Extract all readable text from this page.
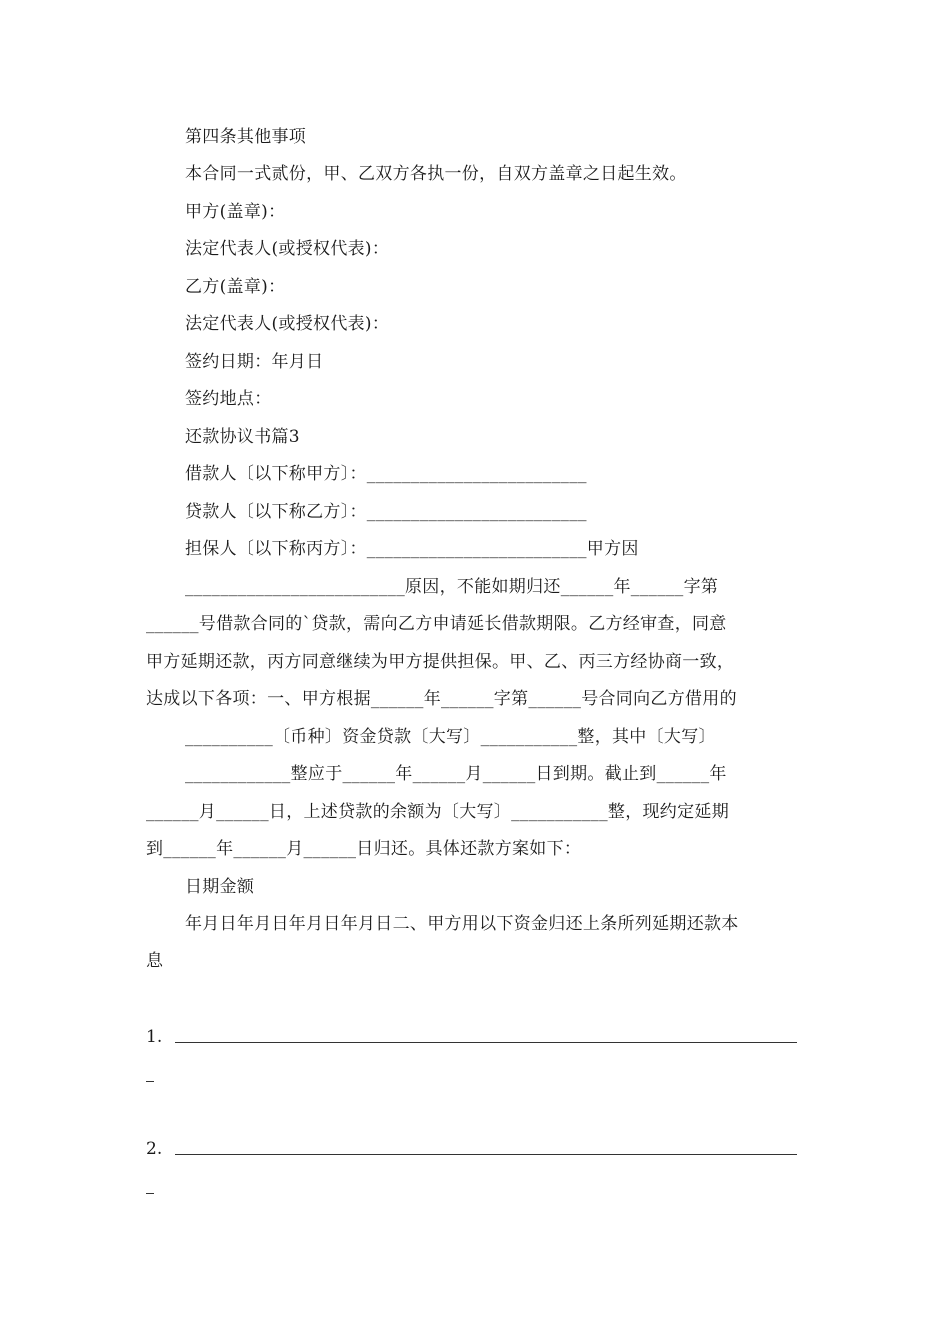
第四条其他事项
本合同一式贰份，甲、乙双方各执一份，自双方盖章之日起生效。
甲方(盖章)：
法定代表人(或授权代表)：
乙方(盖章)：
法定代表人(或授权代表)：
签约日期：年月日
签约地点：
还款协议书篇3
借款人〔以下称甲方〕：_________________________
贷款人〔以下称乙方〕：_________________________
担保人〔以下称丙方〕：_________________________甲方因
_________________________原因，不能如期归还______年______字第
______号借款合同的`贷款，需向乙方申请延长借款期限。乙方经审查，同意
甲方延期还款，丙方同意继续为甲方提供担保。甲、乙、丙三方经协商一致，
达成以下各项：一、甲方根据______年______字第______号合同向乙方借用的
__________〔币种〕资金贷款〔大写〕___________整，其中〔大写〕
____________整应于______年______月______日到期。截止到______年
______月______日，上述贷款的余额为〔大写〕___________整，现约定延期
到______年______月______日归还。具体还款方案如下：
日期金额
年月日年月日年月日年月日二、甲方用以下资金归还上条所列延期还款本
息
1.
2.
